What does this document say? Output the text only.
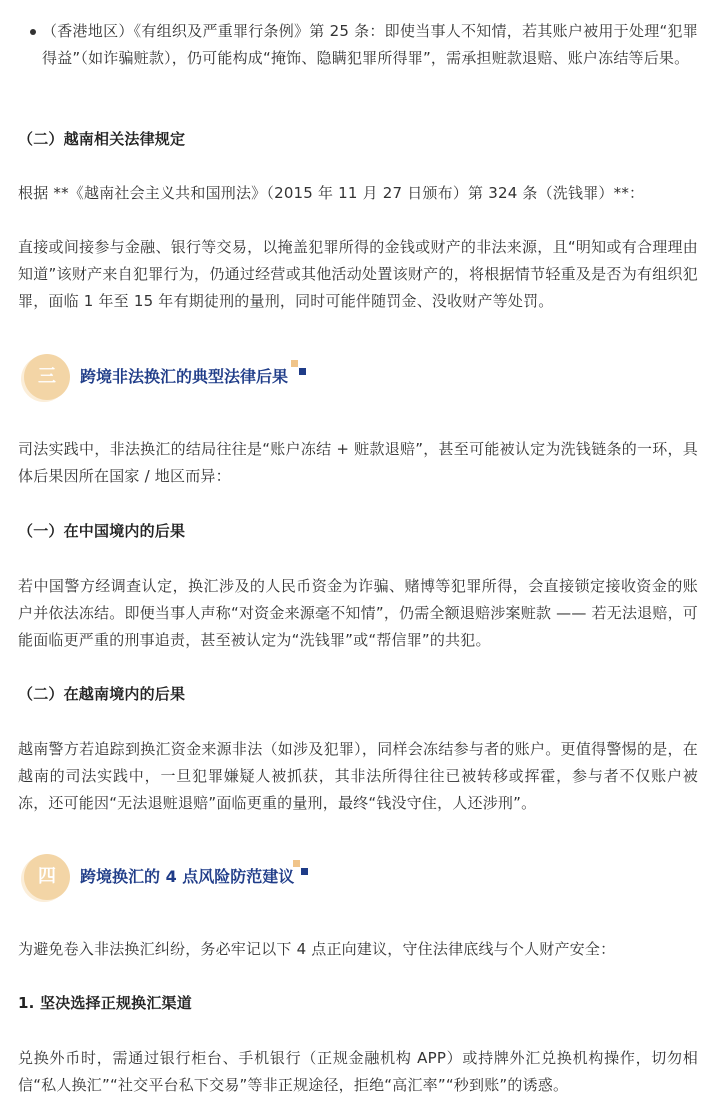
（香港地区）《有组织及严重罪行条例》第 25 条：即使当事人不知情，若其账户被用于处理“犯罪得益”（如诈骗赃款），仍可能构成“掩饰、隐瞒犯罪所得罪”，需承担赃款退赔、账户冻结等后果。

（二）越南相关法律规定

根据 **《越南社会主义共和国刑法》（2015 年 11 月 27 日颁布）第 324 条（洗钱罪）**：

直接或间接参与金融、银行等交易，以掩盖犯罪所得的金钱或财产的非法来源，且“明知或有合理理由知道”该财产来自犯罪行为，仍通过经营或其他活动处置该财产的，将根据情节轻重及是否为有组织犯罪，面临 1 年至 15 年有期徒刑的量刑，同时可能伴随罚金、没收财产等处罚。

三	跨境非法换汇的典型法律后果

司法实践中，非法换汇的结局往往是“账户冻结 + 赃款退赔”，甚至可能被认定为洗钱链条的一环，具体后果因所在国家 / 地区而异：

（一）在中国境内的后果

若中国警方经调查认定，换汇涉及的人民币资金为诈骗、赌博等犯罪所得，会直接锁定接收资金的账户并依法冻结。即便当事人声称“对资金来源毫不知情”，仍需全额退赔涉案赃款 —— 若无法退赔，可能面临更严重的刑事追责，甚至被认定为“洗钱罪”或“帮信罪”的共犯。

（二）在越南境内的后果

越南警方若追踪到换汇资金来源非法（如涉及犯罪），同样会冻结参与者的账户。更值得警惕的是，在越南的司法实践中，一旦犯罪嫌疑人被抓获，其非法所得往往已被转移或挥霍，参与者不仅账户被冻，还可能因“无法退赃退赔”面临更重的量刑，最终“钱没守住，人还涉刑”。

四	跨境换汇的 4 点风险防范建议

为避免卷入非法换汇纠纷，务必牢记以下 4 点正向建议，守住法律底线与个人财产安全：

1. 坚决选择正规换汇渠道

兑换外币时，需通过银行柜台、手机银行（正规金融机构 APP）或持牌外汇兑换机构操作，切勿相信“私人换汇”“社交平台私下交易”等非正规途径，拒绝“高汇率”“秒到账”的诱惑。
